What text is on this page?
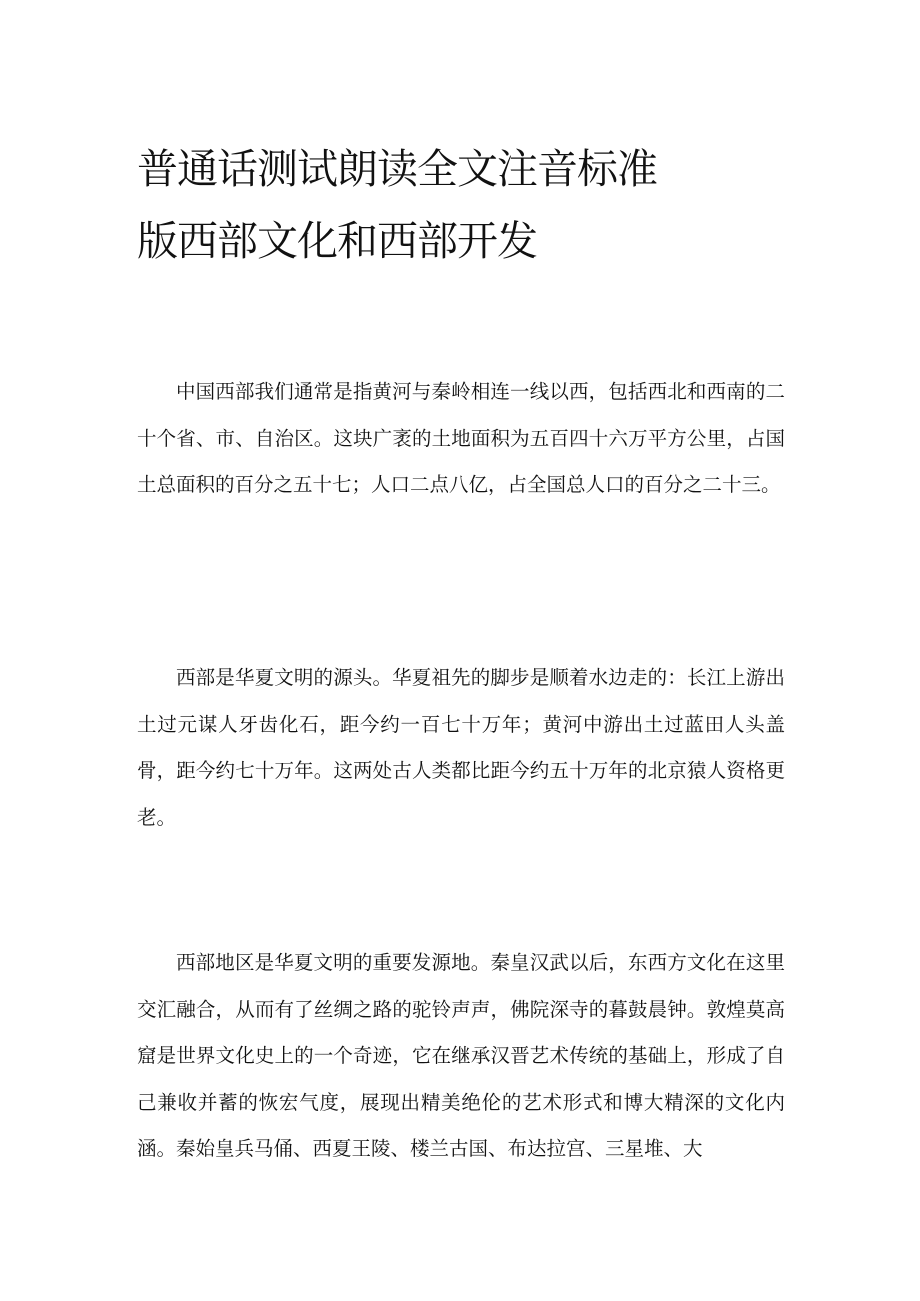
普通话测试朗读全文注音标准
版西部文化和西部开发

中国西部我们通常是指黄河与秦岭相连一线以西，包括西北和西南的二十个省、市、自治区。这块广袤的土地面积为五百四十六万平方公里，占国土总面积的百分之五十七；人口二点八亿，占全国总人口的百分之二十三。

西部是华夏文明的源头。华夏祖先的脚步是顺着水边走的：长江上游出土过元谋人牙齿化石，距今约一百七十万年；黄河中游出土过蓝田人头盖骨，距今约七十万年。这两处古人类都比距今约五十万年的北京猿人资格更老。

西部地区是华夏文明的重要发源地。秦皇汉武以后，东西方文化在这里交汇融合，从而有了丝绸之路的驼铃声声，佛院深寺的暮鼓晨钟。敦煌莫高窟是世界文化史上的一个奇迹，它在继承汉晋艺术传统的基础上，形成了自己兼收并蓄的恢宏气度，展现出精美绝伦的艺术形式和博大精深的文化内涵。秦始皇兵马俑、西夏王陵、楼兰古国、布达拉宫、三星堆、大
